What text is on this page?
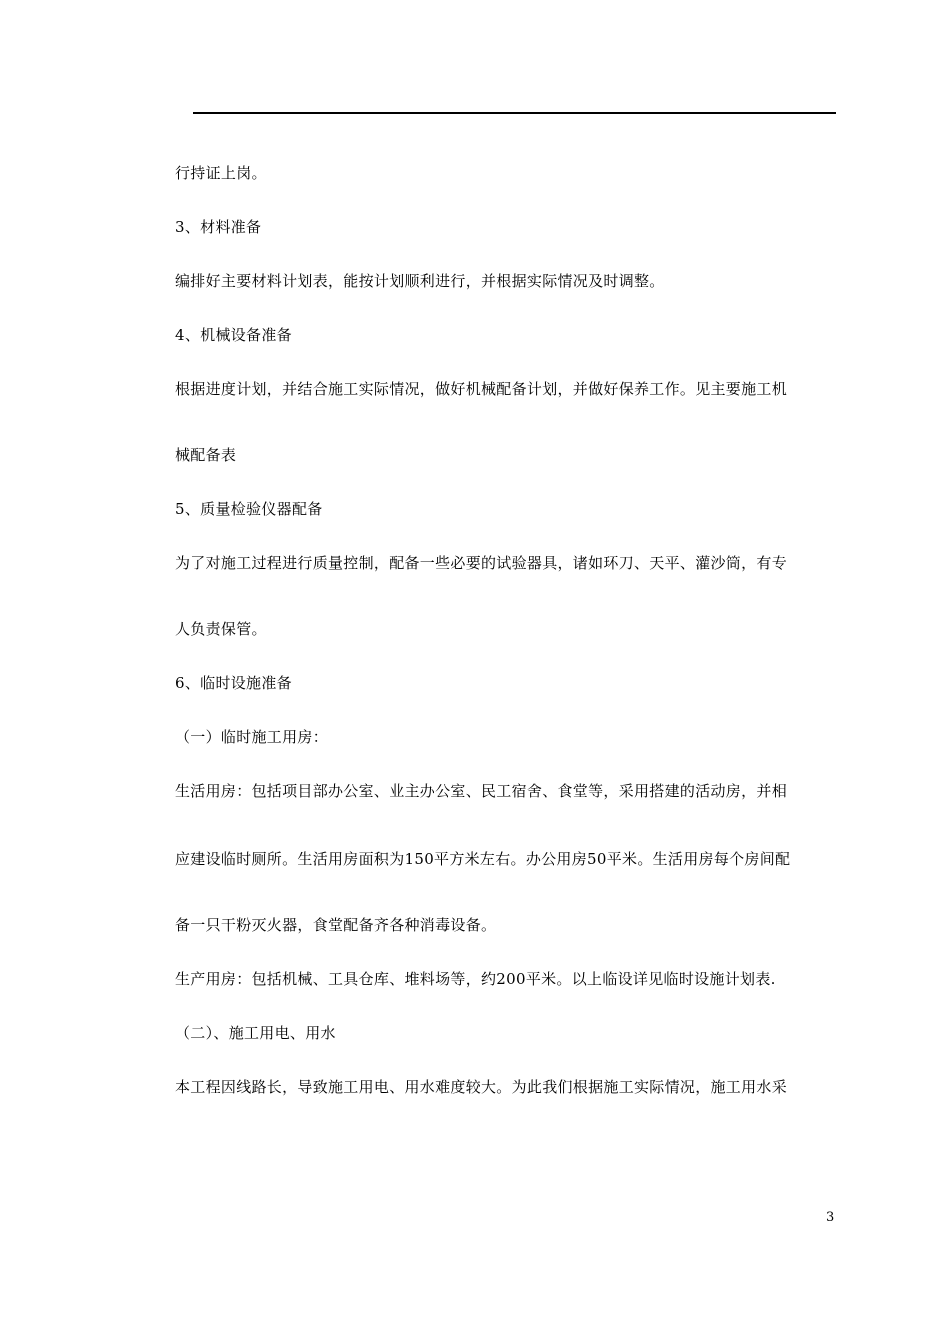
行持证上岗。
3、材料准备
编排好主要材料计划表，能按计划顺利进行，并根据实际情况及时调整。
4、机械设备准备
根据进度计划，并结合施工实际情况，做好机械配备计划，并做好保养工作。见主要施工机
械配备表
5、质量检验仪器配备
为了对施工过程进行质量控制，配备一些必要的试验器具，诸如环刀、天平、灌沙筒，有专
人负责保管。
6、临时设施准备
（一）临时施工用房：
生活用房：包括项目部办公室、业主办公室、民工宿舍、食堂等，采用搭建的活动房，并相
应建设临时厕所。生活用房面积为150平方米左右。办公用房50平米。生活用房每个房间配
备一只干粉灭火器，食堂配备齐各种消毒设备。
生产用房：包括机械、工具仓库、堆料场等，约200平米。以上临设详见临时设施计划表.
（二）、施工用电、用水
本工程因线路长，导致施工用电、用水难度较大。为此我们根据施工实际情况，施工用水采
3
